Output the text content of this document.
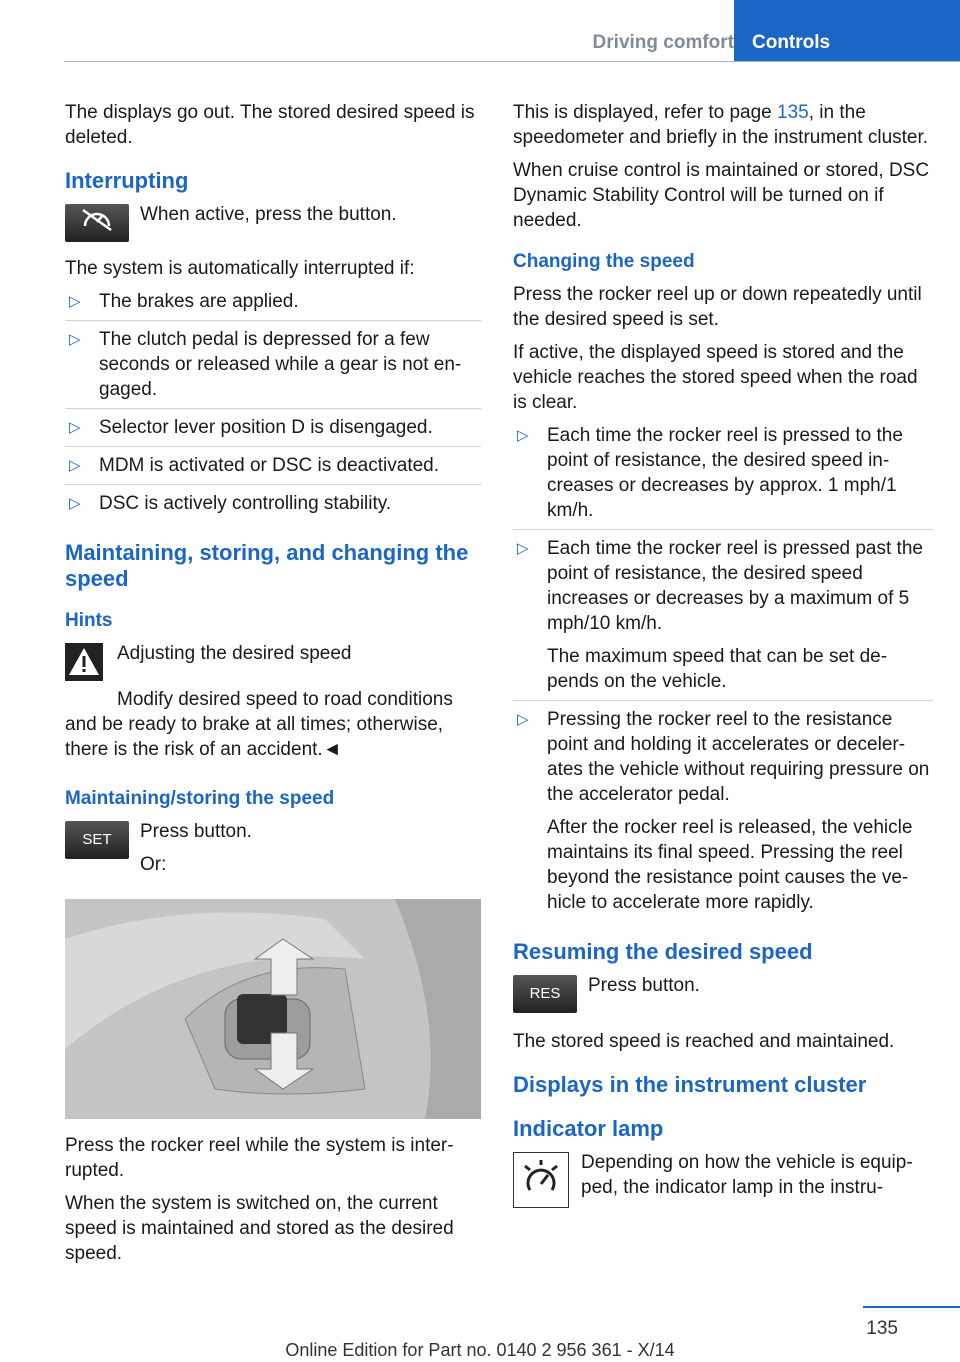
Driving comfort Controls

The displays go out. The stored desired speed is deleted.

Interrupting
When active, press the button.

The system is automatically interrupted if:

▷ The brakes are applied.
▷ The clutch pedal is depressed for a few seconds or released while a gear is not en‐gaged.
▷ Selector lever position D is disengaged.
▷ MDM is activated or DSC is deactivated.
▷ DSC is actively controlling stability.
Maintaining, storing, and changing the speed
Hints
Adjusting the desired speed

Modify desired speed to road conditions and be ready to brake at all times; otherwise, there is the risk of an accident.◄

Maintaining/storing the speed
SET	Press button.
Or:

Press the rocker reel while the system is inter‐rupted.

When the system is switched on, the current speed is maintained and stored as the desired speed.

This is displayed, refer to page 135, in the speedometer and briefly in the instrument cluster.

When cruise control is maintained or stored, DSC Dynamic Stability Control will be turned on if needed.

Changing the speed

Press the rocker reel up or down repeatedly until the desired speed is set.

If active, the displayed speed is stored and the vehicle reaches the stored speed when the road is clear.

▷ Each time the rocker reel is pressed to the point of resistance, the desired speed in‐creases or decreases by approx. 1 mph/1 km/h.
▷ Each time the rocker reel is pressed past the point of resistance, the desired speed increases or decreases by a maximum of 5 mph/10 km/h.
The maximum speed that can be set de‐pends on the vehicle.
▷ Pressing the rocker reel to the resistance point and holding it accelerates or deceler‐ates the vehicle without requiring pressure on the accelerator pedal.
After the rocker reel is released, the vehicle maintains its final speed. Pressing the reel beyond the resistance point causes the ve‐hicle to accelerate more rapidly.
Resuming the desired speed
RES	Press button.

The stored speed is reached and maintained.

Displays in the instrument cluster
Indicator lamp
Depending on how the vehicle is equip‐ped, the indicator lamp in the instru‐
135
Online Edition for Part no. 0140 2 956 361 - X/14
